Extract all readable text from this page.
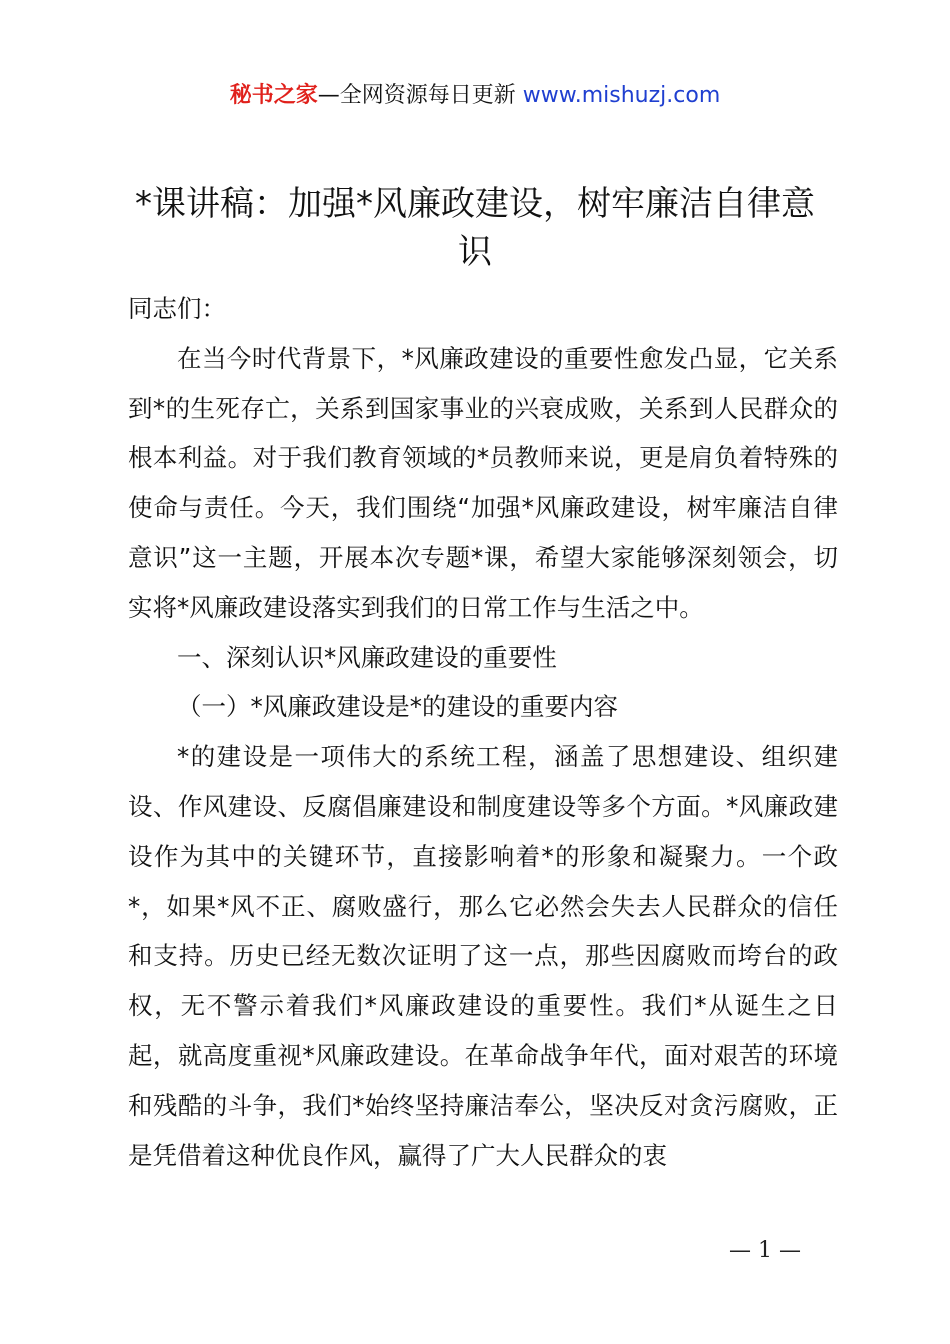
秘书之家—全网资源每日更新 www.mishuzj.com
*课讲稿：加强*风廉政建设，树牢廉洁自律意识

同志们：

在当今时代背景下，*风廉政建设的重要性愈发凸显，它关系到*的生死存亡，关系到国家事业的兴衰成败，关系到人民群众的根本利益。对于我们教育领域的*员教师来说，更是肩负着特殊的使命与责任。今天，我们围绕“加强*风廉政建设，树牢廉洁自律意识”这一主题，开展本次专题*课，希望大家能够深刻领会，切实将*风廉政建设落实到我们的日常工作与生活之中。

一、深刻认识*风廉政建设的重要性

（一）*风廉政建设是*的建设的重要内容

*的建设是一项伟大的系统工程，涵盖了思想建设、组织建设、作风建设、反腐倡廉建设和制度建设等多个方面。*风廉政建设作为其中的关键环节，直接影响着*的形象和凝聚力。一个政*，如果*风不正、腐败盛行，那么它必然会失去人民群众的信任和支持。历史已经无数次证明了这一点，那些因腐败而垮台的政权，无不警示着我们*风廉政建设的重要性。我们*从诞生之日起，就高度重视*风廉政建设。在革命战争年代，面对艰苦的环境和残酷的斗争，我们*始终坚持廉洁奉公，坚决反对贪污腐败，正是凭借着这种优良作风，赢得了广大人民群众的衷

— 1 —
